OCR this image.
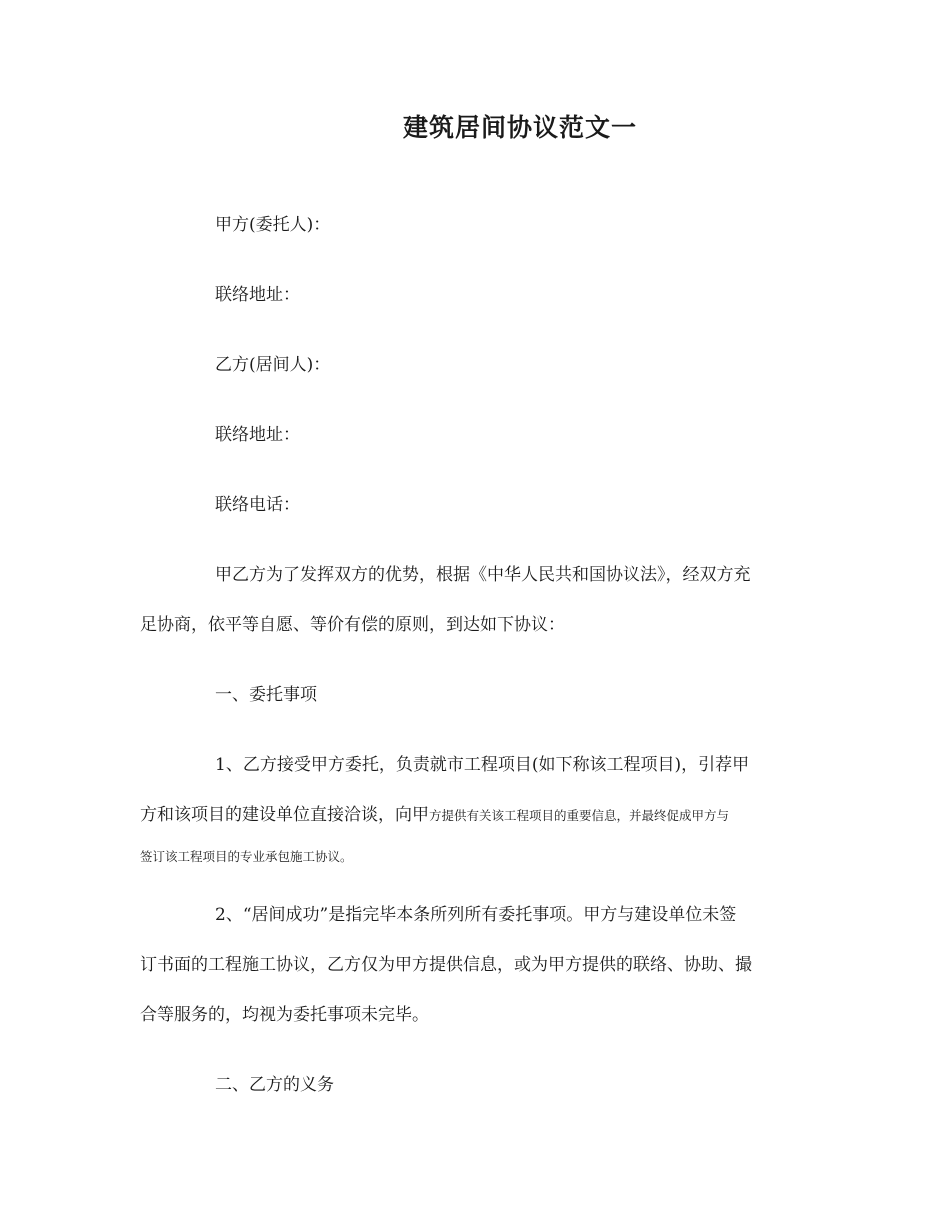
建筑居间协议范文一
甲方(委托人)：
联络地址：
乙方(居间人)：
联络地址：
联络电话：
甲乙方为了发挥双方的优势，根据《中华人民共和国协议法》，经双方充
足协商，依平等自愿、等价有偿的原则，到达如下协议：
一、委托事项
1、乙方接受甲方委托，负责就市工程项目(如下称该工程项目)，引荐甲
方和该项目的建设单位直接洽谈，向甲方提供有关该工程项目的重要信息，并最终促成甲方与
签订该工程项目的专业承包施工协议。
2、“居间成功”是指完毕本条所列所有委托事项。甲方与建设单位未签
订书面的工程施工协议，乙方仅为甲方提供信息，或为甲方提供的联络、协助、撮
合等服务的，均视为委托事项未完毕。
二、乙方的义务
